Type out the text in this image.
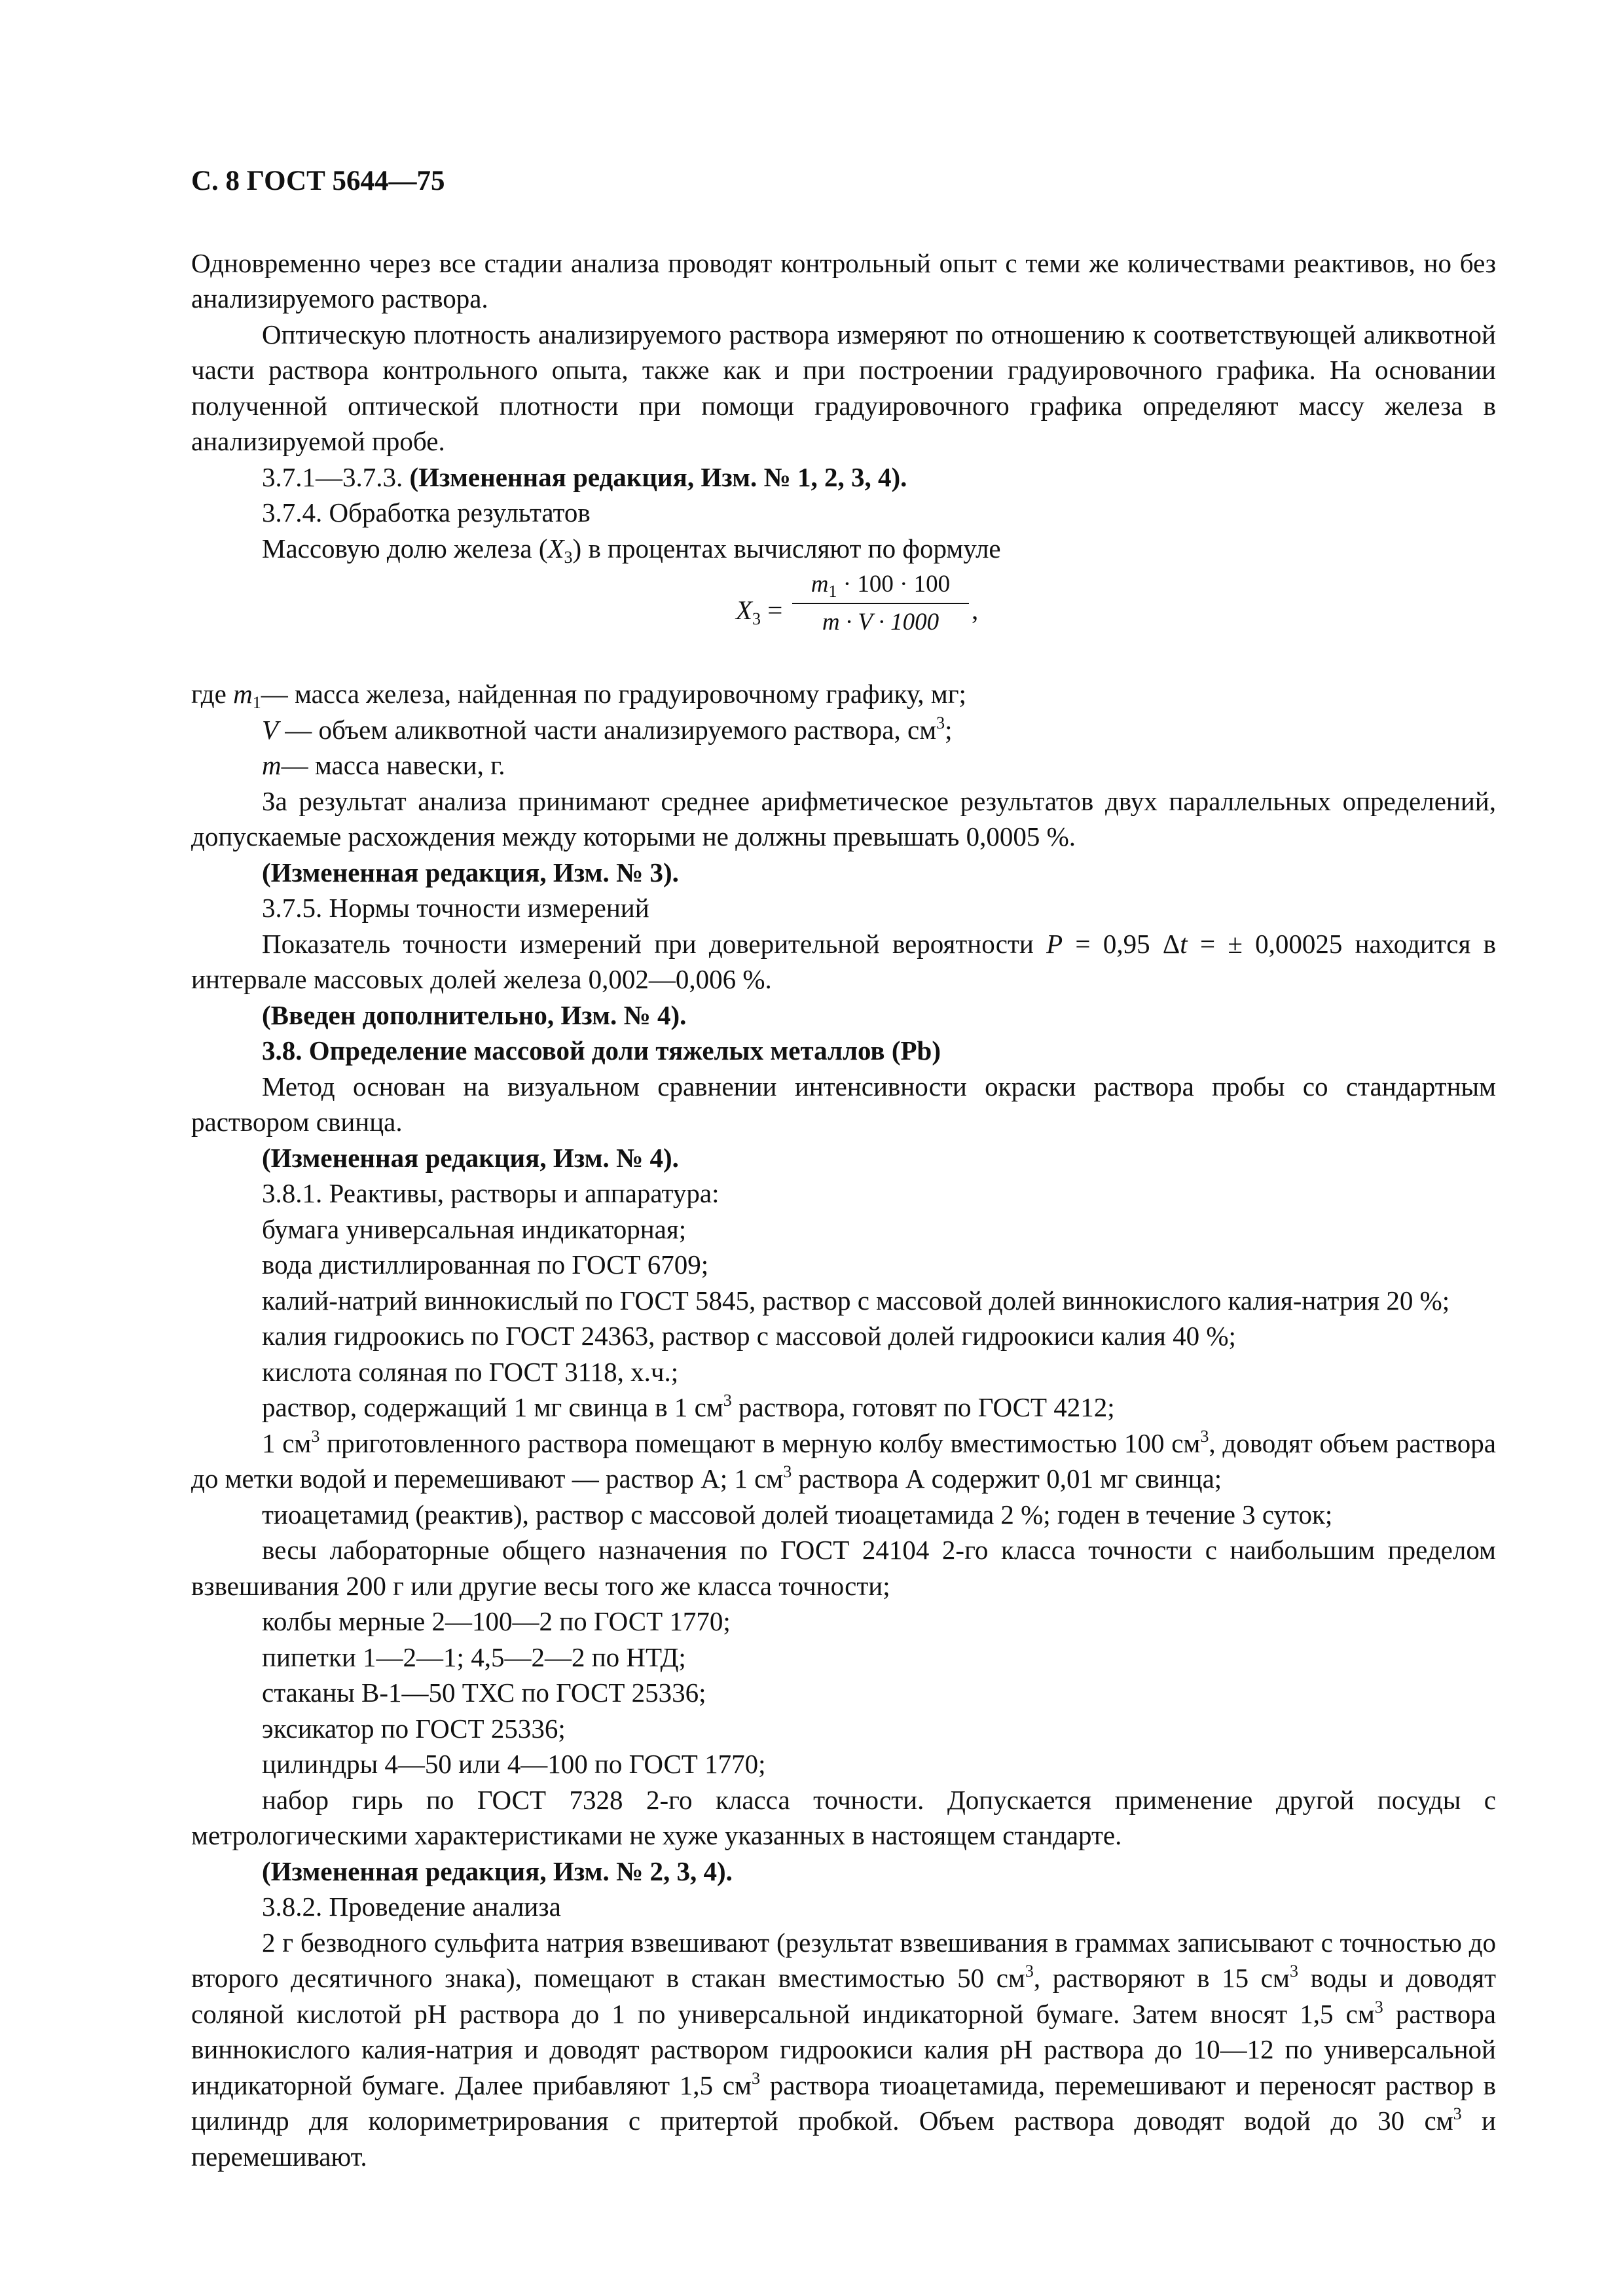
С. 8 ГОСТ 5644—75

Одновременно через все стадии анализа проводят контрольный опыт с теми же количествами реактивов, но без анализируемого раствора.

Оптическую плотность анализируемого раствора измеряют по отношению к соответствующей аликвотной части раствора контрольного опыта, также как и при построении градуировочного графика. На основании полученной оптической плотности при помощи градуировочного графика определяют массу железа в анализируемой пробе.

3.7.1—3.7.3. (Измененная редакция, Изм. № 1, 2, 3, 4).

3.7.4. Обработка результатов

Массовую долю железа $(X_3)$ в процентах вычисляют по формуле

$X_3$ =
$m_1 \cdot 100 \cdot 100$
m · V · 1000	,

где $m_1—$ масса железа, найденная по градуировочному графику, мг;

V — объем аликвотной части анализируемого раствора, $см^3$;

m— масса навески, г.

За результат анализа принимают среднее арифметическое результатов двух параллельных определений, допускаемые расхождения между которыми не должны превышать 0,0005 %.

(Измененная редакция, Изм. № 3).

3.7.5. Нормы точности измерений

Показатель точности измерений при доверительной вероятности P = 0,95 Δt = ± 0,00025 находится в интервале массовых долей железа 0,002—0,006 %.

(Введен дополнительно, Изм. № 4).

3.8. Определение массовой доли тяжелых металлов (Pb)

Метод основан на визуальном сравнении интенсивности окраски раствора пробы со стандартным раствором свинца.

(Измененная редакция, Изм. № 4).

3.8.1. Реактивы, растворы и аппаратура:

бумага универсальная индикаторная;

вода дистиллированная по ГОСТ 6709;

калий-натрий виннокислый по ГОСТ 5845, раствор с массовой долей виннокислого калия-натрия 20 %;

калия гидроокись по ГОСТ 24363, раствор с массовой долей гидроокиси калия 40 %;

кислота соляная по ГОСТ 3118, х.ч.;

раствор, содержащий 1 мг свинца в 1 $см^3$ раствора, готовят по ГОСТ 4212;

1 $см^3$ приготовленного раствора помещают в мерную колбу вместимостью 100 $см^3$, доводят объем раствора до метки водой и перемешивают — раствор А; 1 $см^3$ раствора А содержит 0,01 мг свинца;

тиоацетамид (реактив), раствор с массовой долей тиоацетамида 2 %; годен в течение 3 суток;

весы лабораторные общего назначения по ГОСТ 24104 2-го класса точности с наибольшим пределом взвешивания 200 г или другие весы того же класса точности;

колбы мерные 2—100—2 по ГОСТ 1770;

пипетки 1—2—1; 4,5—2—2 по НТД;

стаканы В-1—50 ТХС по ГОСТ 25336;

эксикатор по ГОСТ 25336;

цилиндры 4—50 или 4—100 по ГОСТ 1770;

набор гирь по ГОСТ 7328 2-го класса точности. Допускается применение другой посуды с метрологическими характеристиками не хуже указанных в настоящем стандарте.

(Измененная редакция, Изм. № 2, 3, 4).

3.8.2. Проведение анализа

2 г безводного сульфита натрия взвешивают (результат взвешивания в граммах записывают с точностью до второго десятичного знака), помещают в стакан вместимостью 50 $см^3$, растворяют в 15 $см^3$ воды и доводят соляной кислотой pH раствора до 1 по универсальной индикаторной бумаге. Затем вносят 1,5 $см^3$ раствора виннокислого калия-натрия и доводят раствором гидроокиси калия pH раствора до 10—12 по универсальной индикаторной бумаге. Далее прибавляют 1,5 $см^3$ раствора тиоацетамида, перемешивают и переносят раствор в цилиндр для колориметрирования с притертой пробкой. Объем раствора доводят водой до 30 $см^3$ и перемешивают.
